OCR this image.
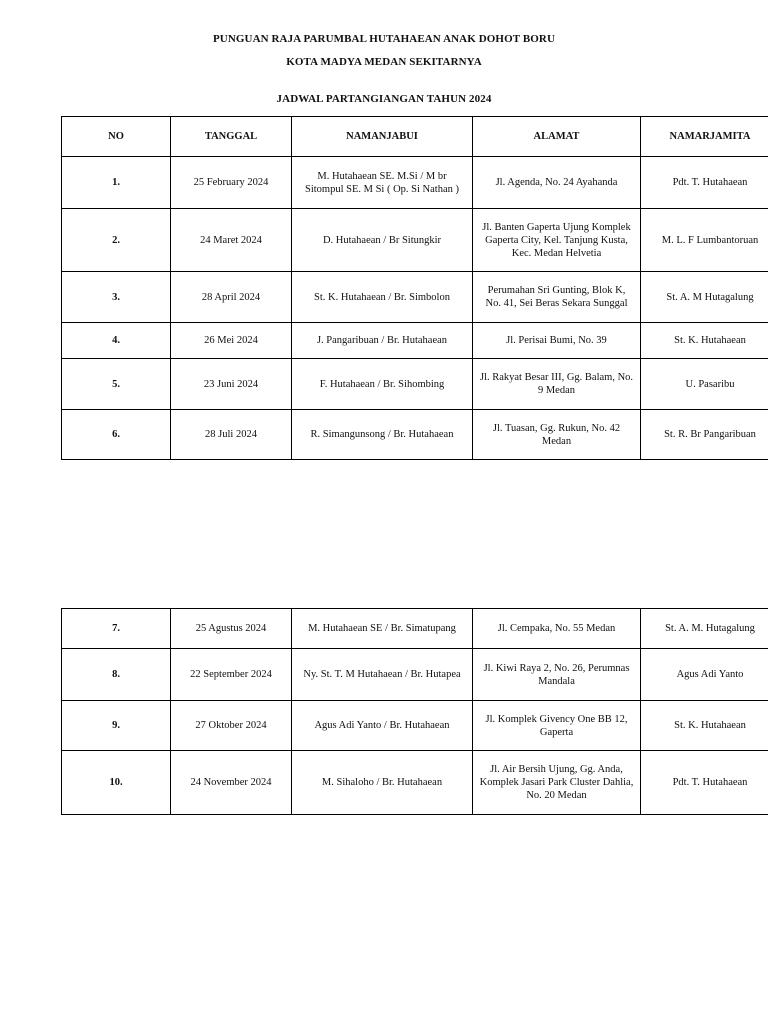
PUNGUAN RAJA PARUMBAL HUTAHAEAN ANAK DOHOT BORU
KOTA MADYA MEDAN SEKITARNYA
JADWAL PARTANGIANGAN TAHUN 2024
NO	TANGGAL	NAMANJABUI	ALAMAT	NAMARJAMITA
1.	25 February 2024	M. Hutahaean SE. M.Si / M br Sitompul SE. M Si ( Op. Si Nathan )	Jl. Agenda, No. 24 Ayahanda	Pdt. T. Hutahaean
2.	24 Maret 2024	D. Hutahaean / Br Situngkir	Jl. Banten Gaperta Ujung Komplek Gaperta City, Kel. Tanjung Kusta, Kec. Medan Helvetia	M. L. F Lumbantoruan
3.	28 April 2024	St. K. Hutahaean / Br. Simbolon	Perumahan Sri Gunting, Blok K, No. 41, Sei Beras Sekara Sunggal	St. A. M Hutagalung
4.	26 Mei 2024	J. Pangaribuan / Br. Hutahaean	Jl. Perisai Bumi, No. 39	St. K. Hutahaean
5.	23 Juni 2024	F. Hutahaean / Br. Sihombing	Jl. Rakyat Besar III, Gg. Balam, No. 9 Medan	U. Pasaribu
6.	28 Juli 2024	R. Simangunsong / Br. Hutahaean	Jl. Tuasan, Gg. Rukun, No. 42 Medan	St. R. Br Pangaribuan
7.	25 Agustus 2024	M. Hutahaean SE / Br. Simatupang	Jl. Cempaka, No. 55 Medan	St. A. M. Hutagalung
8.	22 September 2024	Ny. St. T. M Hutahaean / Br. Hutapea	Jl. Kiwi Raya 2, No. 26, Perumnas Mandala	Agus Adi Yanto
9.	27 Oktober 2024	Agus Adi Yanto / Br. Hutahaean	Jl. Komplek Givency One BB 12, Gaperta	St. K. Hutahaean
10.	24 November 2024	M. Sihaloho / Br. Hutahaean	Jl. Air Bersih Ujung, Gg. Anda, Komplek Jasari Park Cluster Dahlia, No. 20 Medan	Pdt. T. Hutahaean
